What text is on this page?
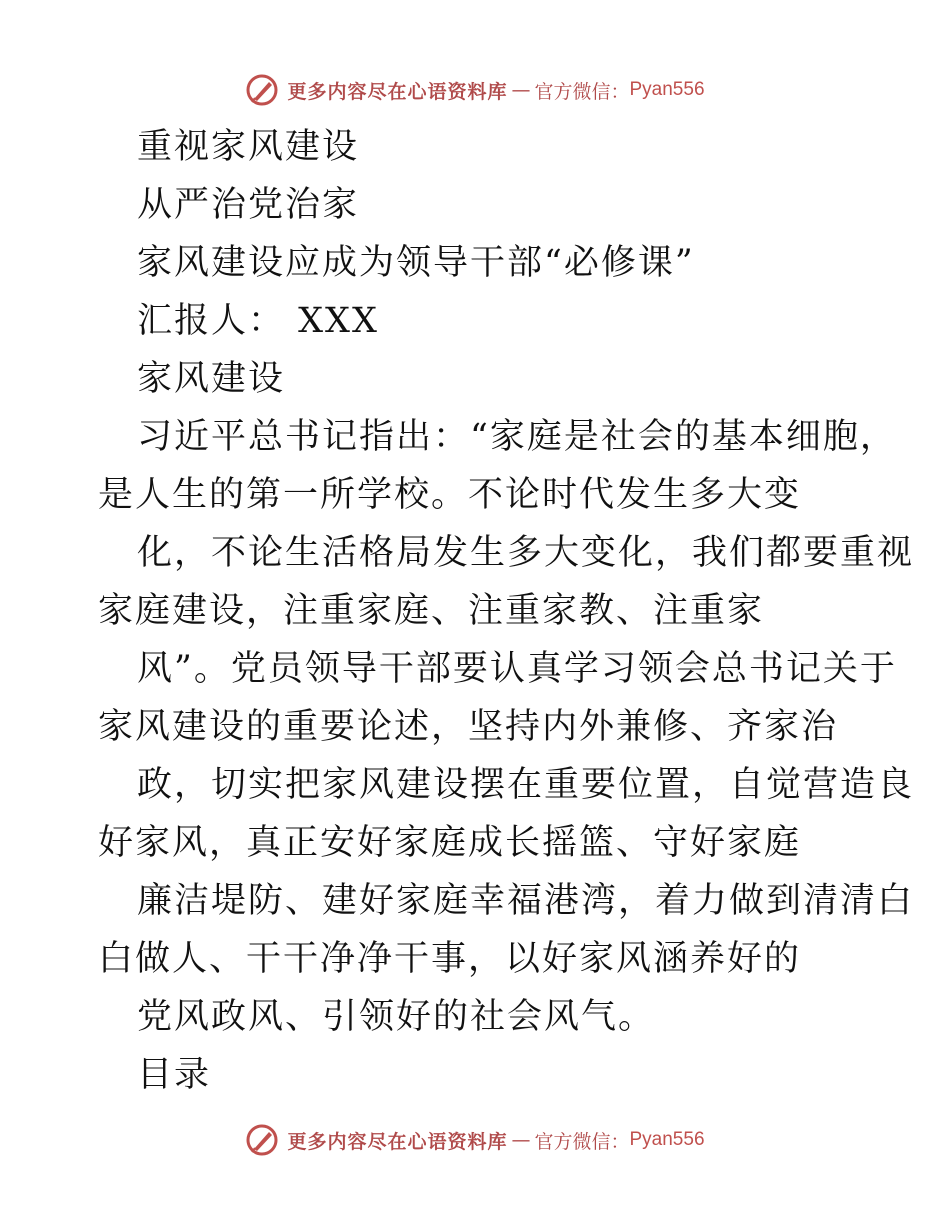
更多内容尽在心语资料库 — 官方微信： Pyan556
重视家风建设
从严治党治家
家风建设应成为领导干部“必修课”
汇报人： XXX
家风建设
习近平总书记指出：“家庭是社会的基本细胞，
是人生的第一所学校。不论时代发生多大变
化，不论生活格局发生多大变化，我们都要重视
家庭建设，注重家庭、注重家教、注重家
风”。党员领导干部要认真学习领会总书记关于
家风建设的重要论述，坚持内外兼修、齐家治
政，切实把家风建设摆在重要位置，自觉营造良
好家风，真正安好家庭成长摇篮、守好家庭
廉洁堤防、建好家庭幸福港湾，着力做到清清白
白做人、干干净净干事，以好家风涵养好的
党风政风、引领好的社会风气。
目录
更多内容尽在心语资料库 — 官方微信： Pyan556
